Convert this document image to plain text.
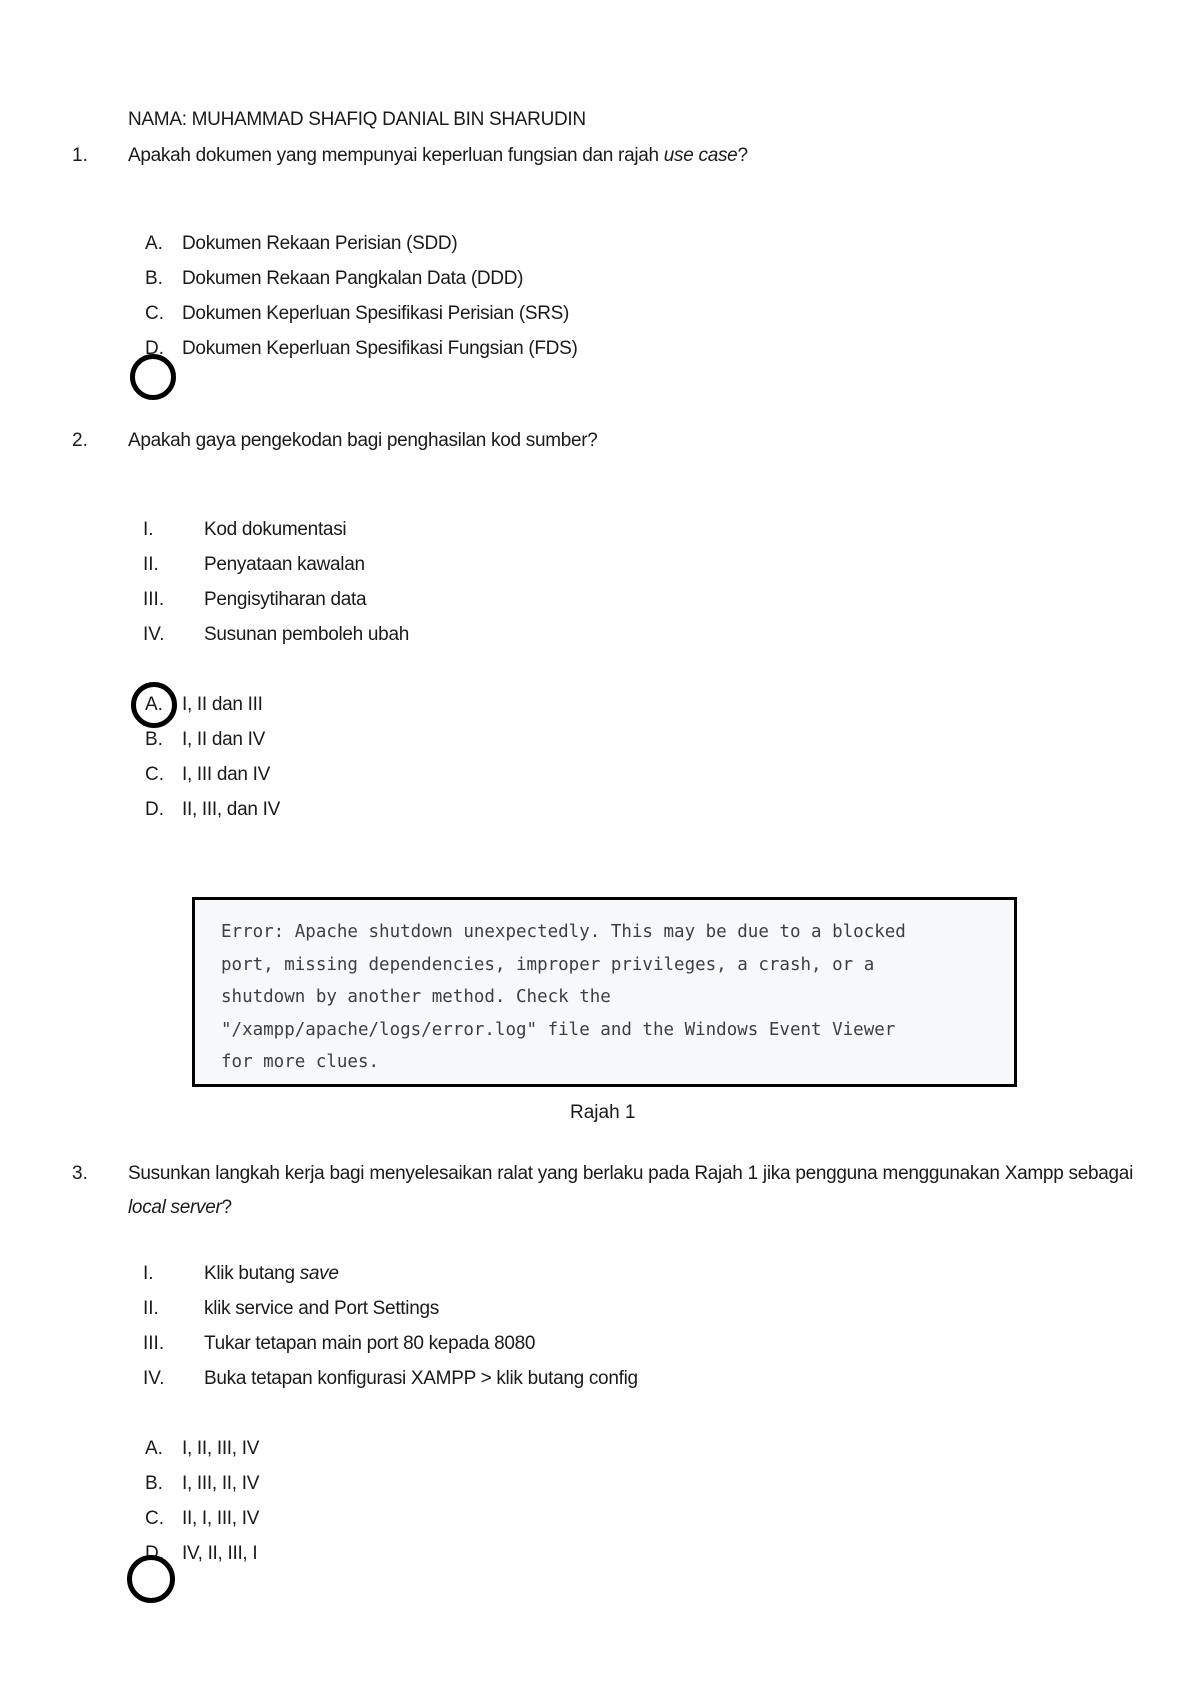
NAMA: MUHAMMAD SHAFIQ DANIAL BIN SHARUDIN
1. Apakah dokumen yang mempunyai keperluan fungsian dan rajah use case?
A. Dokumen Rekaan Perisian (SDD)
B. Dokumen Rekaan Pangkalan Data (DDD)
C. Dokumen Keperluan Spesifikasi Perisian (SRS)
D. Dokumen Keperluan Spesifikasi Fungsian (FDS)
2. Apakah gaya pengekodan bagi penghasilan kod sumber?
I.	Kod dokumentasi
II. Penyataan kawalan
III. Pengisytiharan data
IV. Susunan pemboleh ubah
A. I, II dan III
B. I, II dan IV
C. I, III dan IV
D. II, III, dan IV
Error: Apache shutdown unexpectedly. This may be due to a blocked
port, missing dependencies, improper privileges, a crash, or a
shutdown by another method. Check the
"/xampp/apache/logs/error.log" file and the Windows Event Viewer
for more clues.
Rajah 1
3. Susunkan langkah kerja bagi menyelesaikan ralat yang berlaku pada Rajah 1 jika pengguna menggunakan Xampp sebagai local server?
I.	Klik butang save
II. klik service and Port Settings
III. Tukar tetapan main port 80 kepada 8080
IV. Buka tetapan konfigurasi XAMPP > klik butang config
A. I, II, III, IV
B. I, III, II, IV
C. II, I, III, IV
D. IV, II, III, I
